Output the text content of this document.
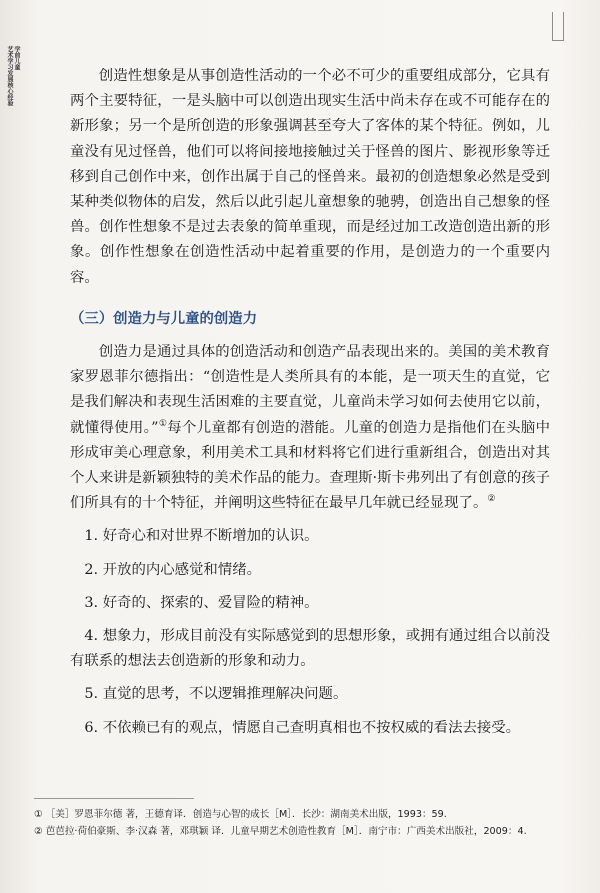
学前儿童
艺术学习发展核心经验	创造性想象是从事创造性活动的一个必不可少的重要组成部分，它具有两个主要特征，一是头脑中可以创造出现实生活中尚未存在或不可能存在的新形象；另一个是所创造的形象强调甚至夸大了客体的某个特征。例如，儿童没有见过怪兽，他们可以将间接地接触过关于怪兽的图片、影视形象等迁移到自己创作中来，创作出属于自己的怪兽来。最初的创造想象必然是受到某种类似物体的启发，然后以此引起儿童想象的驰骋，创造出自己想象的怪兽。创作性想象不是过去表象的简单重现，而是经过加工改造创造出新的形象。创作性想象在创造性活动中起着重要的作用，是创造力的一个重要内容。

（三）创造力与儿童的创造力

创造力是通过具体的创造活动和创造产品表现出来的。美国的美术教育家罗恩菲尔德指出：“创造性是人类所具有的本能，是一项天生的直觉，它是我们解决和表现生活困难的主要直觉，儿童尚未学习如何去使用它以前，就懂得使用。”①每个儿童都有创造的潜能。儿童的创造力是指他们在头脑中形成审美心理意象，利用美术工具和材料将它们进行重新组合，创造出对其个人来讲是新颖独特的美术作品的能力。查理斯·斯卡弗列出了有创意的孩子们所具有的十个特征，并阐明这些特征在最早几年就已经显现了。②

1. 好奇心和对世界不断增加的认识。

2. 开放的内心感觉和情绪。

3. 好奇的、探索的、爱冒险的精神。

4. 想象力，形成目前没有实际感觉到的思想形象，或拥有通过组合以前没有联系的想法去创造新的形象和动力。

5. 直觉的思考，不以逻辑推理解决问题。

6. 不依赖已有的观点，情愿自己查明真相也不按权威的看法去接受。

① ［美］罗恩菲尔德 著，王德育译．创造与心智的成长［M］．长沙：湖南美术出版，1993：59.

② 芭芭拉·荷伯豪斯、李·汉森 著，邓琪颖 译．儿童早期艺术创造性教育［M］．南宁市：广西美术出版社，2009：4.
